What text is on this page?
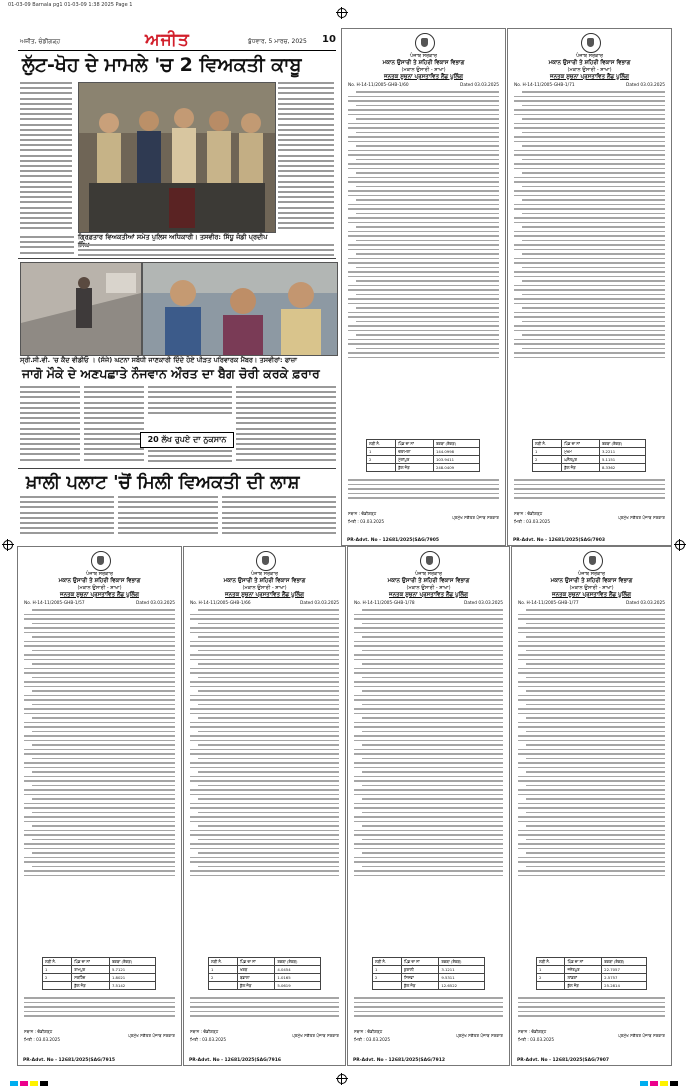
01-03-09 Barnala pg1 01-03-09 1:38 2025 Page 1
ਅਜੀਤ, ਚੰਡੀਗੜ੍ਹ	ਅਜੀਤ	ਬੁੱਧਵਾਰ, 5 ਮਾਰਚ, 2025 10
ਲੁੱਟ-ਖੋਹ ਦੇ ਮਾਮਲੇ 'ਚ 2 ਵਿਅਕਤੀ ਕਾਬੂ
ਗ੍ਰਿਫ਼ਤਾਰ ਵਿਅਕਤੀਆਂ ਸਮੇਤ ਪੁਲਿਸ ਅਧਿਕਾਰੀ। ਤਸਵੀਰ: ਸਿੱਧੂ ਜੰਡੀ ਪ੍ਰਦੀਪ
ਸ੍ਰੀ.ਸੀ.ਵੀ. 'ਚ ਕੈਦ ਵੀਡੀਓ । (ਸੱਜੇ) ਘਟਨਾ ਸਬੰਧੀ ਜਾਣਕਾਰੀ ਦਿੰਦੇ ਹੋਏ ਪੀੜਤ ਪਰਿਵਾਰਕ ਮੈਂਬਰ। ਤਸਵੀਰਾਂ: ਫਾਜ਼ਾ
ਜਾਗੋ ਮੌਕੇ ਦੇ ਅਣਪਛਾਤੇ ਨੌਜਵਾਨ ਔਰਤ ਦਾ ਬੈਗ ਚੋਰੀ ਕਰਕੇ ਫ਼ਰਾਰ
20 ਲੱਖ ਰੁਪਏ ਦਾ ਨੁਕਸਾਨ
ਖ਼ਾਲੀ ਪਲਾਟ 'ਚੋਂ ਮਿਲੀ ਵਿਅਕਤੀ ਦੀ ਲਾਸ਼
ਪੰਜਾਬ ਸਰਕਾਰ
ਮਕਾਨ ਉਸਾਰੀ ਤੇ ਸ਼ਹਿਰੀ ਵਿਕਾਸ ਵਿਭਾਗ
(ਮਕਾਨ ਉਸਾਰੀ - ਸ਼ਾਖਾ)
ਜਨਤਕ ਸੂਚਨਾ ਪ੍ਰਸਤਾਵਿਤ ਲੈਂਡ ਪੂਲਿੰਗ
No. H-14-11/2005-GHB-1/60	Dated 03.03.2025
ਲੜੀ ਨੰ.	ਪਿੰਡ ਦਾ ਨਾਂ	ਰਕਬਾ (ਏਕੜ)
1	ਚਤਾਮਲਾ	144.0998
2	ਮੁੱਲਾਂਪੁਰ	103.9411
	ਕੁੱਲ ਜੋੜ	248.0409
ਸਥਾਨ : ਚੰਡੀਗੜ੍ਹ
ਮਿਤੀ : 03.03.2025
ਪ੍ਰਮੁੱਖ ਸਕੱਤਰ ਪੰਜਾਬ ਸਰਕਾਰ
PR-Advt. No - 12681/2025(SAG/7905
ਪੰਜਾਬ ਸਰਕਾਰ
ਮਕਾਨ ਉਸਾਰੀ ਤੇ ਸ਼ਹਿਰੀ ਵਿਕਾਸ ਵਿਭਾਗ
(ਮਕਾਨ ਉਸਾਰੀ - ਸ਼ਾਖਾ)
ਜਨਤਕ ਸੂਚਨਾ ਪ੍ਰਸਤਾਵਿਤ ਲੈਂਡ ਪੂਲਿੰਗ
No. H-14-11/2005-GHB-1/71	Dated 03.03.2025
ਲੜੀ ਨੰ.	ਪਿੰਡ ਦਾ ਨਾਂ	ਰਕਬਾ (ਏਕੜ)
1	ਮੁਖਮ	3.2211
2	ਘਨੌਲਪੁਰ	5.1151
	ਕੁੱਲ ਜੋੜ	8.3362
ਸਥਾਨ : ਚੰਡੀਗੜ੍ਹ
ਮਿਤੀ : 03.03.2025
ਪ੍ਰਮੁੱਖ ਸਕੱਤਰ ਪੰਜਾਬ ਸਰਕਾਰ
PR-Advt. No - 12681/2025(SAG/7903
ਪੰਜਾਬ ਸਰਕਾਰ
ਮਕਾਨ ਉਸਾਰੀ ਤੇ ਸ਼ਹਿਰੀ ਵਿਕਾਸ ਵਿਭਾਗ
(ਮਕਾਨ ਉਸਾਰੀ - ਸ਼ਾਖਾ)
ਜਨਤਕ ਸੂਚਨਾ ਪ੍ਰਸਤਾਵਿਤ ਲੈਂਡ ਪੂਲਿੰਗ
No. H-14-11/2005-GHB-1/57	Dated 03.03.2025
ਲੜੀ ਨੰ.	ਪਿੰਡ ਦਾ ਨਾਂ	ਰਕਬਾ (ਏਕੜ)
1	ਰਾਮਪੁਰ	5.7121
2	ਸਰਹਿੰਦ	1.8021
	ਕੁੱਲ ਜੋੜ	7.5142
ਸਥਾਨ : ਚੰਡੀਗੜ੍ਹ
ਮਿਤੀ : 03.03.2025
ਪ੍ਰਮੁੱਖ ਸਕੱਤਰ ਪੰਜਾਬ ਸਰਕਾਰ
PR-Advt. No - 12681/2025(SAG/7915
ਪੰਜਾਬ ਸਰਕਾਰ
ਮਕਾਨ ਉਸਾਰੀ ਤੇ ਸ਼ਹਿਰੀ ਵਿਕਾਸ ਵਿਭਾਗ
(ਮਕਾਨ ਉਸਾਰੀ - ਸ਼ਾਖਾ)
ਜਨਤਕ ਸੂਚਨਾ ਪ੍ਰਸਤਾਵਿਤ ਲੈਂਡ ਪੂਲਿੰਗ
No. H-14-11/2005-GHB-1/66	Dated 03.03.2025
ਲੜੀ ਨੰ.	ਪਿੰਡ ਦਾ ਨਾਂ	ਰਕਬਾ (ਏਕੜ)
1	ਖਰੜ	4.0454
2	ਬਡਾਲਾ	1.0165
	ਕੁੱਲ ਜੋੜ	5.0619
ਸਥਾਨ : ਚੰਡੀਗੜ੍ਹ
ਮਿਤੀ : 03.03.2025
ਪ੍ਰਮੁੱਖ ਸਕੱਤਰ ਪੰਜਾਬ ਸਰਕਾਰ
PR-Advt. No - 12681/2025(SAG/7916
ਪੰਜਾਬ ਸਰਕਾਰ
ਮਕਾਨ ਉਸਾਰੀ ਤੇ ਸ਼ਹਿਰੀ ਵਿਕਾਸ ਵਿਭਾਗ
(ਮਕਾਨ ਉਸਾਰੀ - ਸ਼ਾਖਾ)
ਜਨਤਕ ਸੂਚਨਾ ਪ੍ਰਸਤਾਵਿਤ ਲੈਂਡ ਪੂਲਿੰਗ
No. H-14-11/2005-GHB-1/78	Dated 03.03.2025
ਲੜੀ ਨੰ.	ਪਿੰਡ ਦਾ ਨਾਂ	ਰਕਬਾ (ਏਕੜ)
1	ਕੁਰਾਲੀ	3.1211
2	ਸਿਸਵਾਂ	9.5311
	ਕੁੱਲ ਜੋੜ	12.6522
ਸਥਾਨ : ਚੰਡੀਗੜ੍ਹ
ਮਿਤੀ : 03.03.2025
ਪ੍ਰਮੁੱਖ ਸਕੱਤਰ ਪੰਜਾਬ ਸਰਕਾਰ
PR-Advt. No - 12681/2025(SAG/7912
ਪੰਜਾਬ ਸਰਕਾਰ
ਮਕਾਨ ਉਸਾਰੀ ਤੇ ਸ਼ਹਿਰੀ ਵਿਕਾਸ ਵਿਭਾਗ
(ਮਕਾਨ ਉਸਾਰੀ - ਸ਼ਾਖਾ)
ਜਨਤਕ ਸੂਚਨਾ ਪ੍ਰਸਤਾਵਿਤ ਲੈਂਡ ਪੂਲਿੰਗ
No. H-14-11/2005-GHB-1/77	Dated 03.03.2025
ਲੜੀ ਨੰ.	ਪਿੰਡ ਦਾ ਨਾਂ	ਰਕਬਾ (ਏਕੜ)
1	ਜਨੇਤਪੁਰ	22.7057
2	ਲਾਂਡਰਾਂ	2.5757
	ਕੁੱਲ ਜੋੜ	25.2814
ਸਥਾਨ : ਚੰਡੀਗੜ੍ਹ
ਮਿਤੀ : 03.03.2025
ਪ੍ਰਮੁੱਖ ਸਕੱਤਰ ਪੰਜਾਬ ਸਰਕਾਰ
PR-Advt. No - 12681/2025(SAG/7907
